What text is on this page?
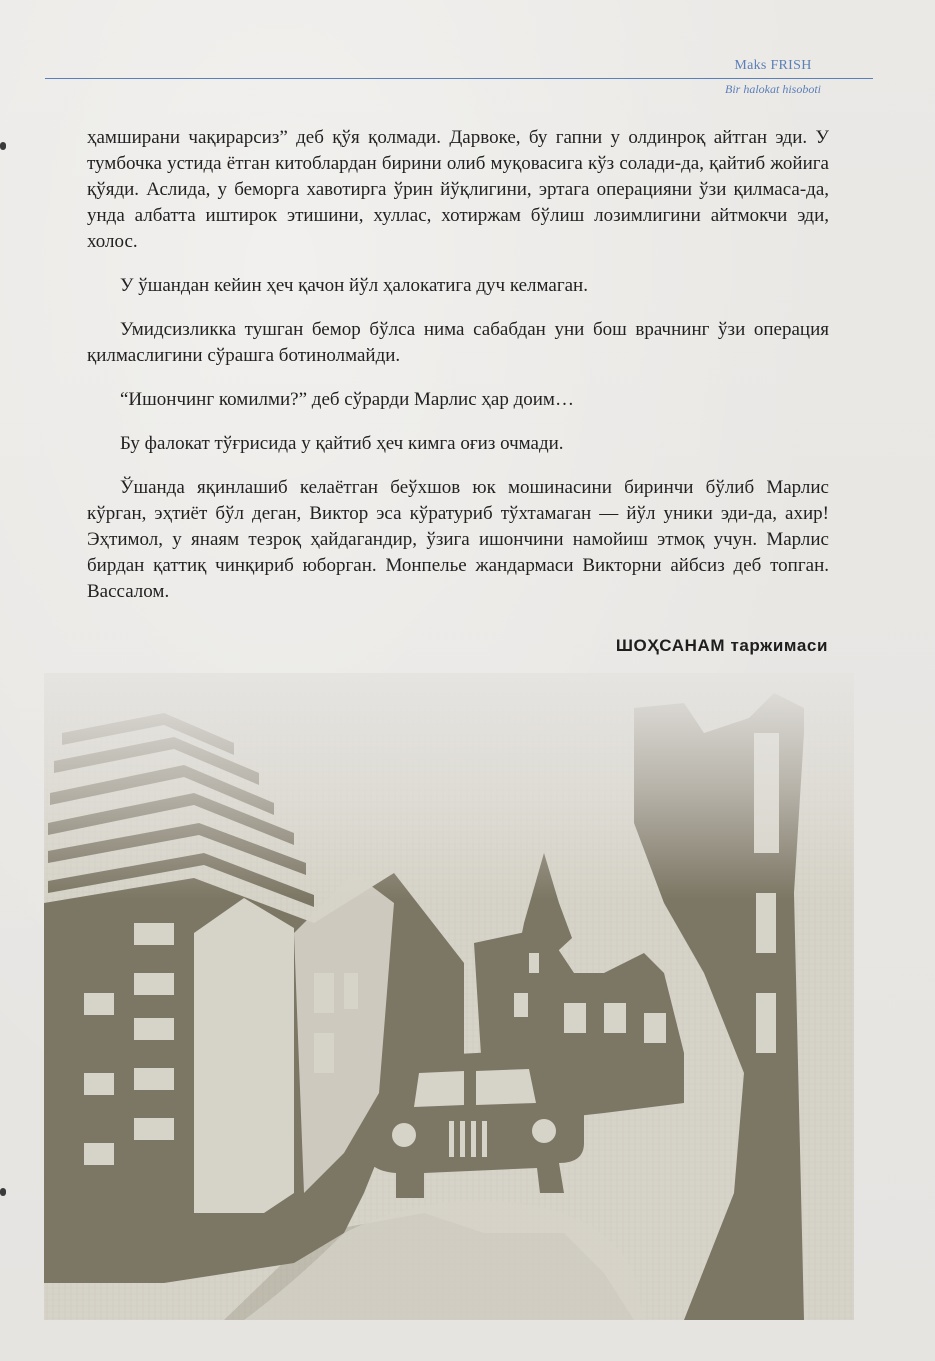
Maks FRISH
Bir halokat hisoboti

ҳамширани чақирарсиз” деб қўя қолмади. Дарвоке, бу гапни у олдинроқ айтган эди. У тумбочка устида ётган китоблардан бирини олиб муқовасига кўз солади-да, қайтиб жойига қўяди. Аслида, у беморга хавотирга ўрин йўқлигини, эртага операцияни ўзи қилмаса-да, унда албатта иштирок этишини, хуллас, хотиржам бўлиш лозимлигини айтмокчи эди, холос.

У ўшандан кейин ҳеч қачон йўл ҳалокатига дуч келмаган.

Умидсизликка тушган бемор бўлса нима сабабдан уни бош врачнинг ўзи операция қилмаслигини сўрашга ботинолмайди.

“Ишончинг комилми?” деб сўрарди Марлис ҳар доим…

Бу фалокат тўғрисида у қайтиб ҳеч кимга оғиз очмади.

Ўшанда яқинлашиб келаётган беўхшов юк мошинасини биринчи бўлиб Марлис кўрган, эҳтиёт бўл деган, Виктор эса кўратуриб тўхтамаган — йўл уники эди-да, ахир! Эҳтимол, у янаям тезроқ ҳайдагандир, ўзига ишончини намойиш этмоқ учун. Марлис бирдан қаттиқ чинқириб юборган. Монпелье жандармаси Викторни айбсиз деб топган. Вассалом.

ШОҲСАНАМ таржимаси
